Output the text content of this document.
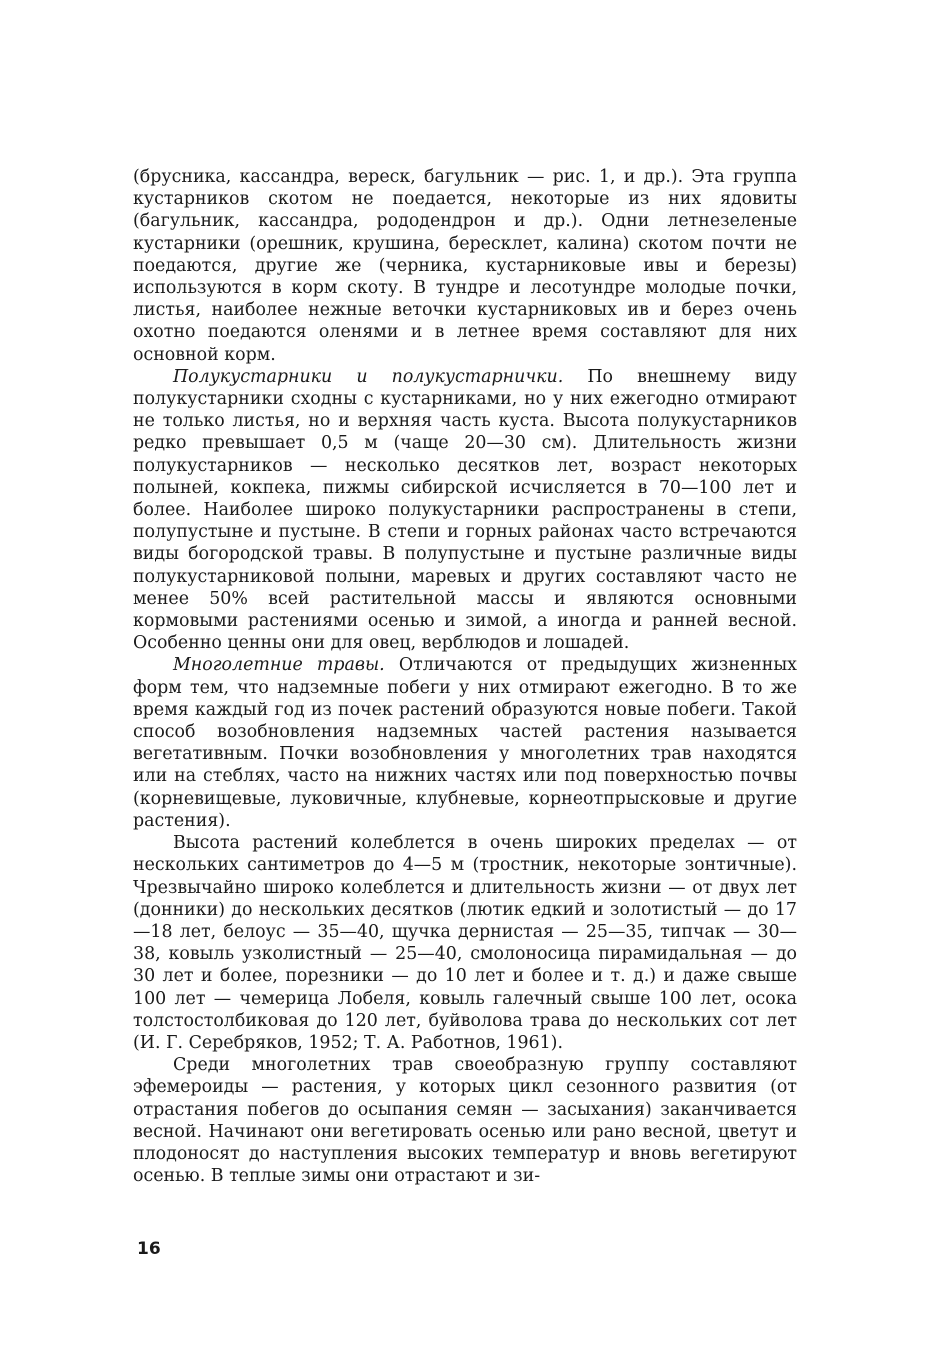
(брусника, кассандра, вереск, багульник — рис. 1, и др.). Эта группа кустарников скотом не поедается, некоторые из них ядовиты (багульник, кассандра, рододендрон и др.). Одни летнезеленые кустарники (орешник, крушина, бересклет, калина) скотом почти не поедаются, другие же (черника, кустарниковые ивы и березы) используются в корм скоту. В тундре и лесотундре молодые почки, листья, наиболее нежные веточки кустарниковых ив и берез очень охотно поедаются оленями и в летнее время составляют для них основной корм.

Полукустарники и полукустарнички. По внешнему виду полукустарники сходны с кустарниками, но у них ежегодно отмирают не только листья, но и верхняя часть куста. Высота полукустарников редко превышает 0,5 м (чаще 20—30 см). Длительность жизни полукустарников — несколько десятков лет, возраст некоторых полыней, кокпека, пижмы сибирской исчисляется в 70—100 лет и более. Наиболее широко полукустарники распространены в степи, полупустыне и пустыне. В степи и горных районах часто встречаются виды богородской травы. В полупустыне и пустыне различные виды полукустарниковой полыни, маревых и других составляют часто не менее 50% всей растительной массы и являются основными кормовыми растениями осенью и зимой, а иногда и ранней весной. Особенно ценны они для овец, верблюдов и лошадей.

Многолетние травы. Отличаются от предыдущих жизненных форм тем, что надземные побеги у них отмирают ежегодно. В то же время каждый год из почек растений образуются новые побеги. Такой способ возобновления надземных частей растения называется вегетативным. Почки возобновления у многолетних трав находятся или на стеблях, часто на нижних частях или под поверхностью почвы (корневищевые, луковичные, клубневые, корнеотпрысковые и другие растения).

Высота растений колеблется в очень широких пределах — от нескольких сантиметров до 4—5 м (тростник, некоторые зонтичные). Чрезвычайно широко колеблется и длительность жизни — от двух лет (донники) до нескольких десятков (лютик едкий и золотистый — до 17—18 лет, белоус — 35—40, щучка дернистая — 25—35, типчак — 30—38, ковыль узколистный — 25—40, смолоносица пирамидальная — до 30 лет и более, порезники — до 10 лет и более и т. д.) и даже свыше 100 лет — чемерица Лобеля, ковыль галечный свыше 100 лет, осока толстостолбиковая до 120 лет, буйволова трава до нескольких сот лет (И. Г. Серебряков, 1952; Т. А. Работнов, 1961).

Среди многолетних трав своеобразную группу составляют эфемероиды — растения, у которых цикл сезонного развития (от отрастания побегов до осыпания семян — засыхания) заканчивается весной. Начинают они вегетировать осенью или рано весной, цветут и плодоносят до наступления высоких температур и вновь вегетируют осенью. В теплые зимы они отрастают и зи-

16
